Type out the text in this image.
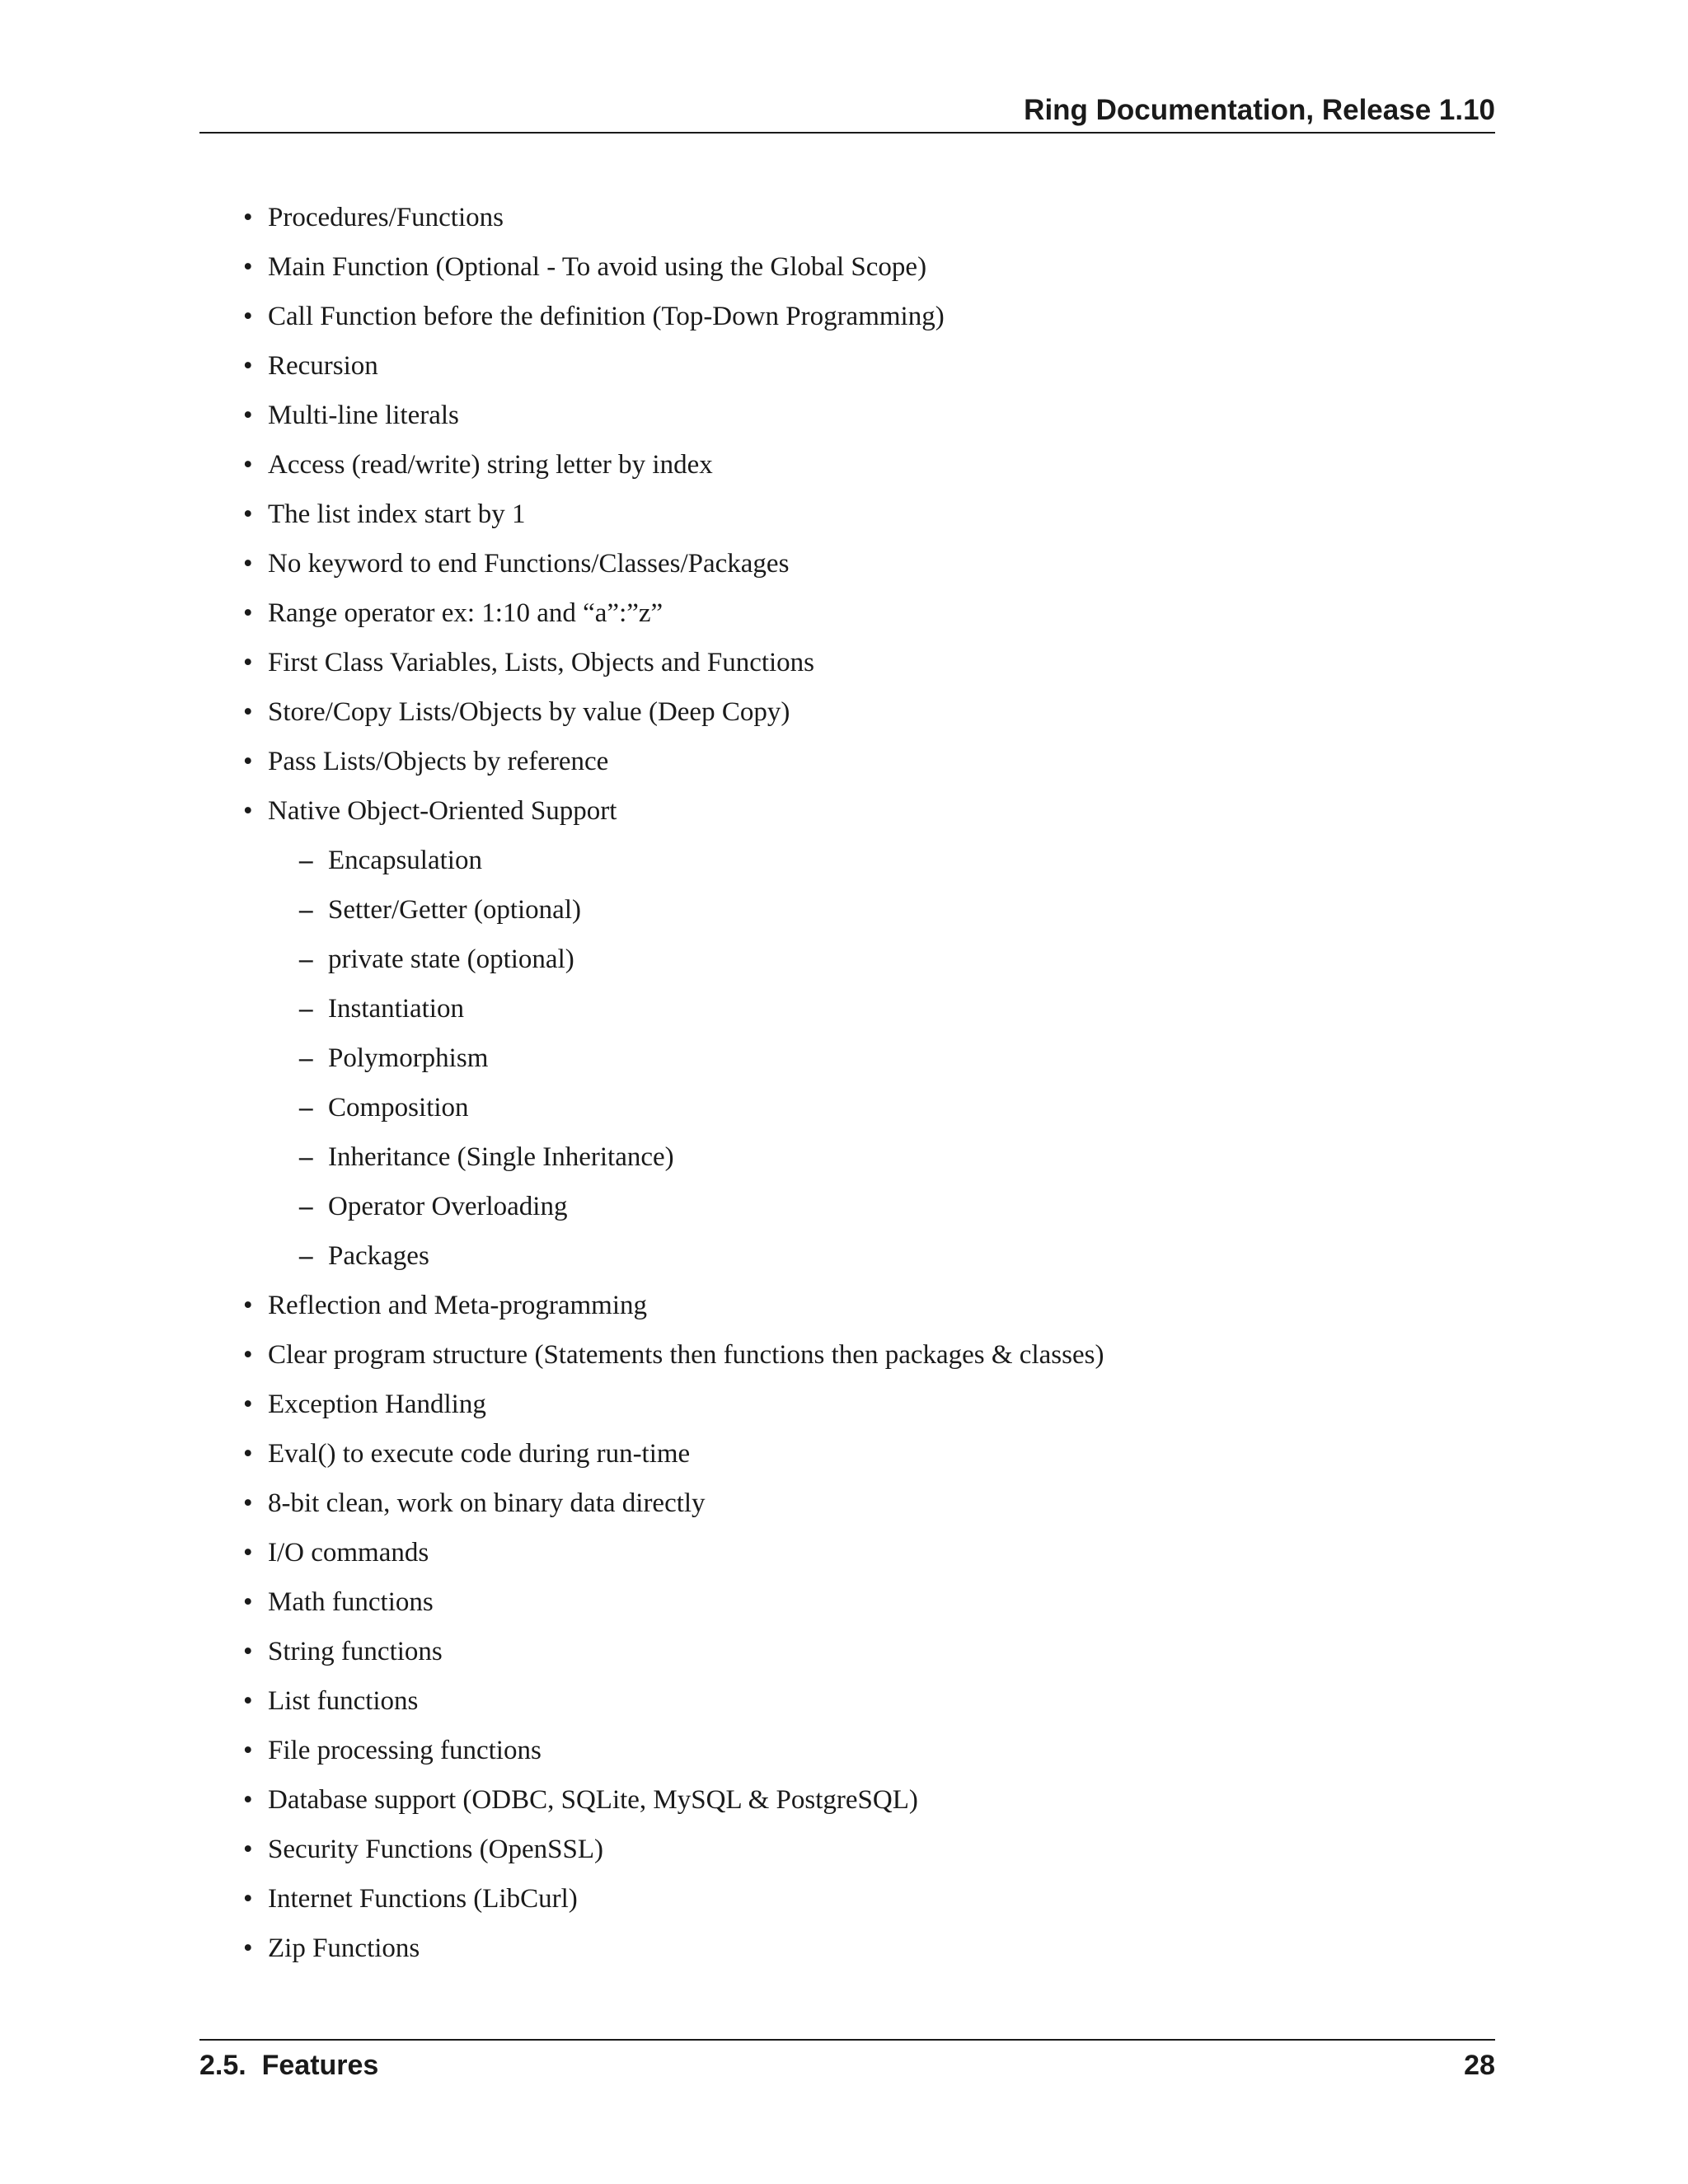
Ring Documentation, Release 1.10
• Procedures/Functions
• Main Function (Optional - To avoid using the Global Scope)
• Call Function before the definition (Top-Down Programming)
• Recursion
• Multi-line literals
• Access (read/write) string letter by index
• The list index start by 1
• No keyword to end Functions/Classes/Packages
• Range operator ex: 1:10 and “a”:”z”
• First Class Variables, Lists, Objects and Functions
• Store/Copy Lists/Objects by value (Deep Copy)
• Pass Lists/Objects by reference
• Native Object-Oriented Support
– Encapsulation
– Setter/Getter (optional)
– private state (optional)
– Instantiation
– Polymorphism
– Composition
– Inheritance (Single Inheritance)
– Operator Overloading
– Packages
• Reflection and Meta-programming
• Clear program structure (Statements then functions then packages & classes)
• Exception Handling
• Eval() to execute code during run-time
• 8-bit clean, work on binary data directly
• I/O commands
• Math functions
• String functions
• List functions
• File processing functions
• Database support (ODBC, SQLite, MySQL & PostgreSQL)
• Security Functions (OpenSSL)
• Internet Functions (LibCurl)
• Zip Functions
2.5.  Features	28
